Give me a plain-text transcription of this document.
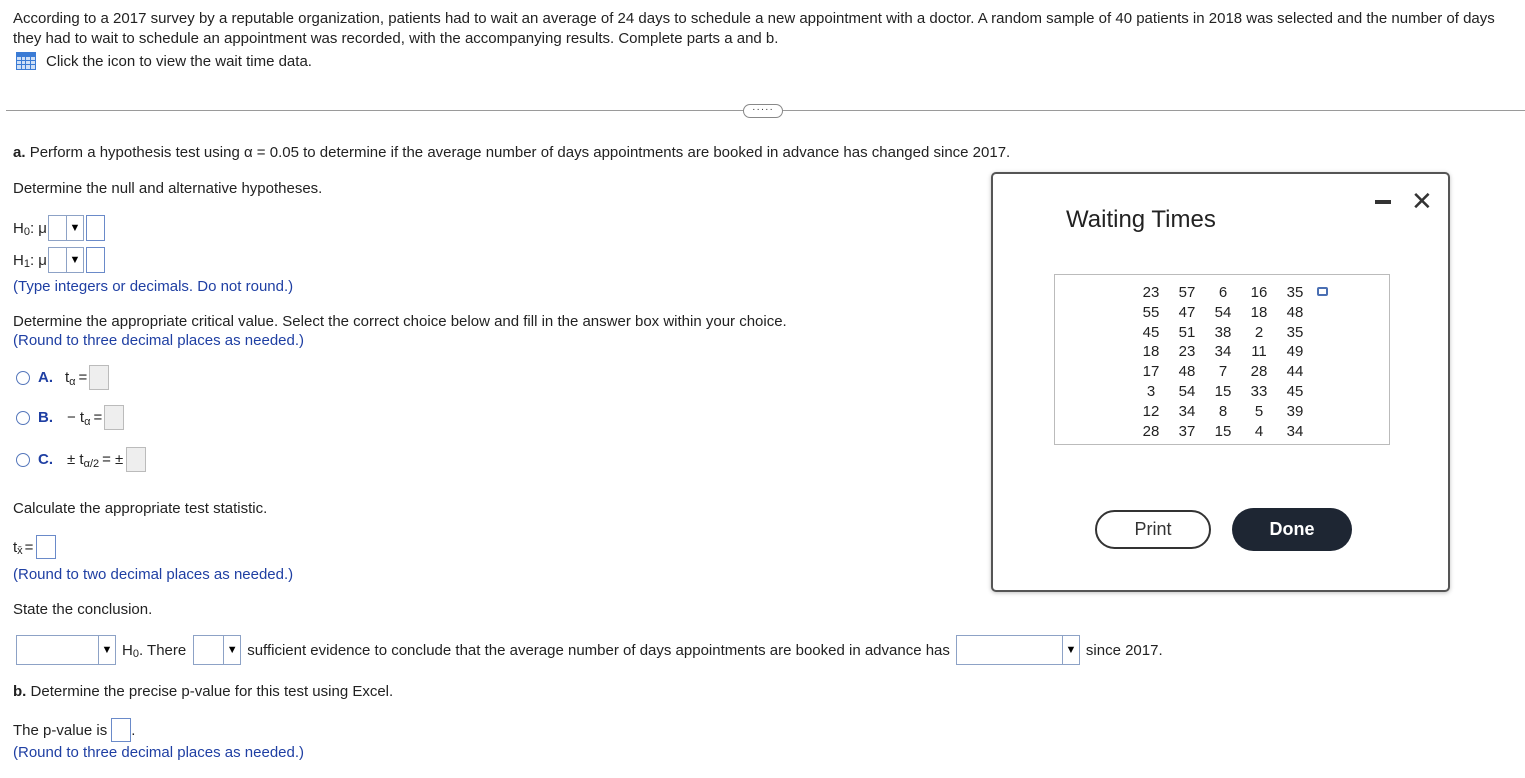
According to a 2017 survey by a reputable organization, patients had to wait an average of 24 days to schedule a new appointment with a doctor. A random sample of 40 patients in 2018 was selected and the number of days they had to wait to schedule an appointment was recorded, with the accompanying results. Complete parts a and b.
Click the icon to view the wait time data.
·····
a. Perform a hypothesis test using α = 0.05 to determine if the average number of days appointments are booked in advance has changed since 2017.
Determine the null and alternative hypotheses.
H 0 : μ	▼
H 1 : μ	▼
(Type integers or decimals. Do not round.)
Determine the appropriate critical value. Select the correct choice below and fill in the answer box within your choice.
(Round to three decimal places as needed.)
A. t α =
B. − t α =
C. ± t α/2 = ±
Calculate the appropriate test statistic.
t x̄ =
(Round to two decimal places as needed.)
State the conclusion.
▼ H 0 . There	▼ sufficient evidence to conclude that the average number of days appointments are booked in advance has	▼ since 2017.
b. Determine the precise p-value for this test using Excel.
The p-value is .
(Round to three decimal places as needed.)
Waiting Times
✕
23	57	6	16	35
55	47	54	18	48
45	51	38	2	35
18	23	34	11	49
17	48	7	28	44
3	54	15	33	45
12	34	8	5	39
28	37	15	4	34
Print	Done
